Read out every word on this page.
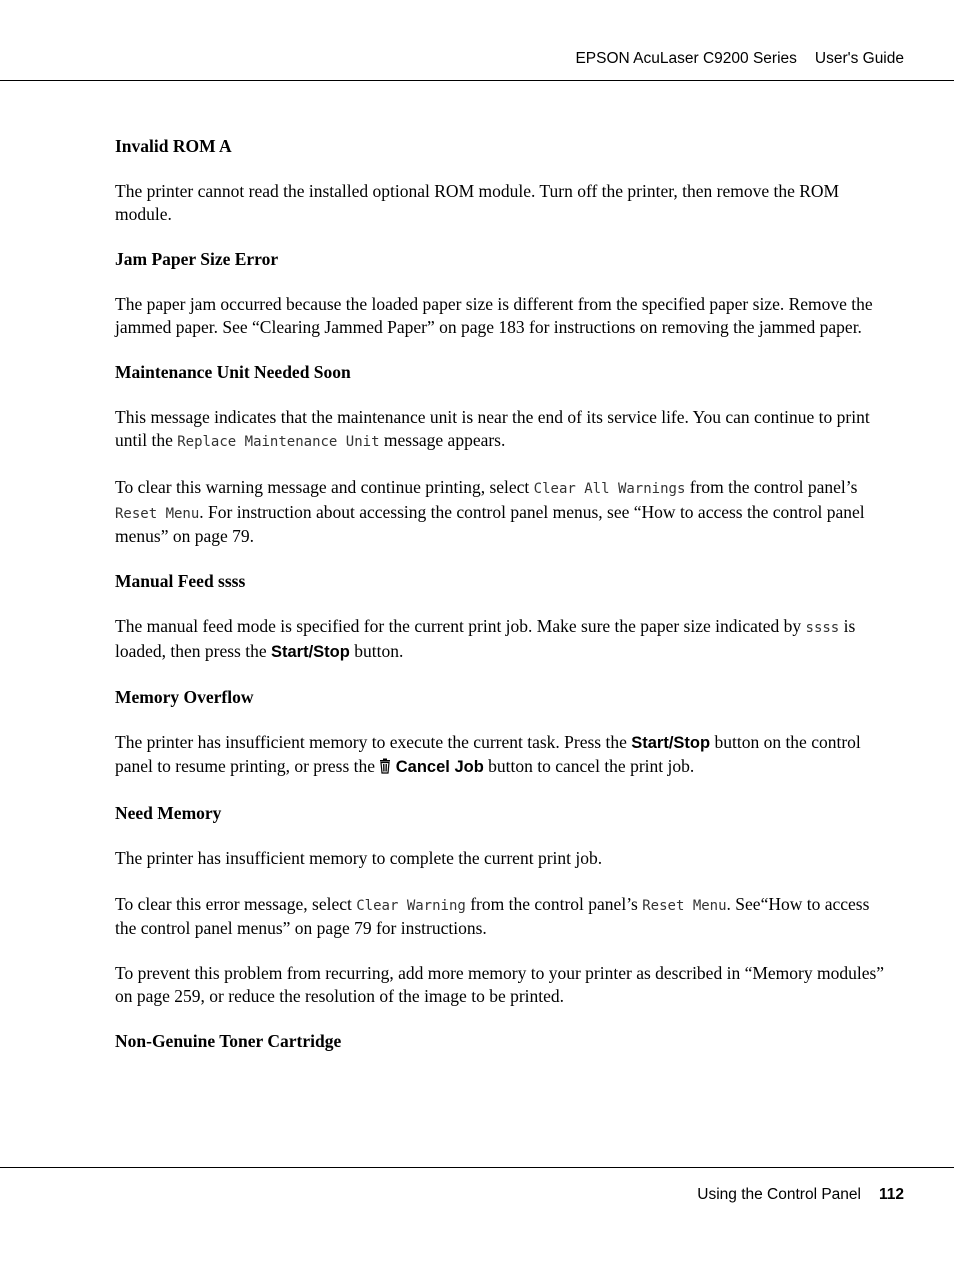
EPSON AcuLaser C9200 Series User's Guide
Invalid ROM A

The printer cannot read the installed optional ROM module. Turn off the printer, then remove the ROM module.

Jam Paper Size Error

The paper jam occurred because the loaded paper size is different from the specified paper size. Remove the jammed paper. See “Clearing Jammed Paper” on page 183 for instructions on removing the jammed paper.

Maintenance Unit Needed Soon

This message indicates that the maintenance unit is near the end of its service life. You can continue to print until the Replace Maintenance Unit message appears.

To clear this warning message and continue printing, select Clear All Warnings from the control panel’s Reset Menu. For instruction about accessing the control panel menus, see “How to access the control panel menus” on page 79.

Manual Feed ssss

The manual feed mode is specified for the current print job. Make sure the paper size indicated by ssss is loaded, then press the Start/Stop button.

Memory Overflow

The printer has insufficient memory to execute the current task. Press the Start/Stop button on the control panel to resume printing, or press the  Cancel Job button to cancel the print job.

Need Memory

The printer has insufficient memory to complete the current print job.

To clear this error message, select Clear Warning from the control panel’s Reset Menu. See“How to access the control panel menus” on page 79 for instructions.

To prevent this problem from recurring, add more memory to your printer as described in “Memory modules” on page 259, or reduce the resolution of the image to be printed.

Non-Genuine Toner Cartridge
Using the Control Panel 112
